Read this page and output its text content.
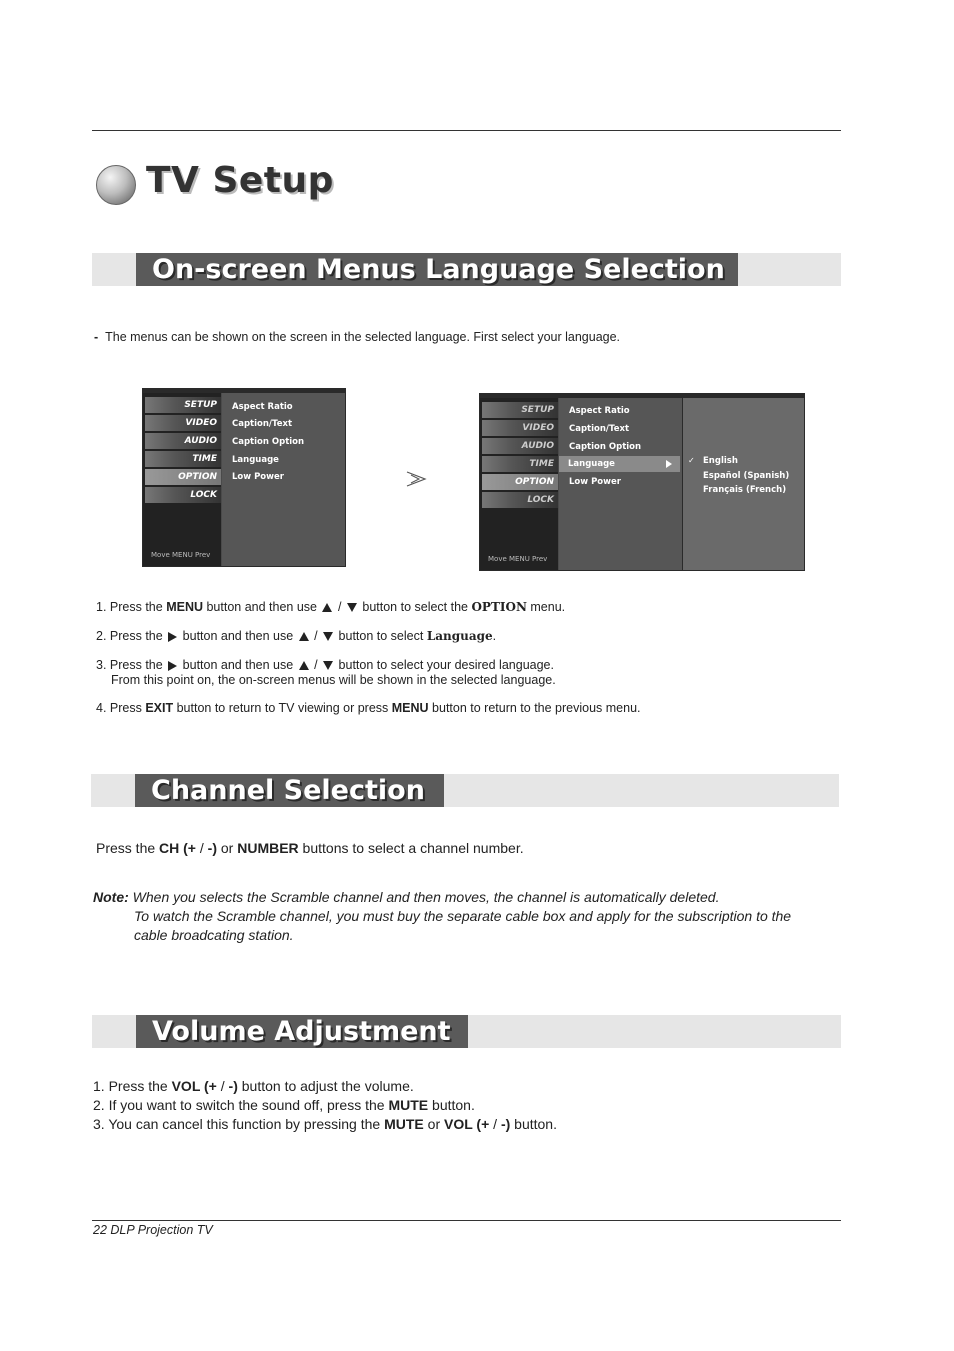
TV Setup
On-screen Menus Language Selection
- The menus can be shown on the screen in the selected language. First select your language.
SETUP
VIDEO
AUDIO
TIME
OPTION
LOCK
Move MENU Prev
Aspect Ratio
Caption/Text
Caption Option
Language
Low Power
SETUP
VIDEO
AUDIO
TIME
OPTION
LOCK
Move MENU Prev
Aspect Ratio
Caption/Text
Caption Option
Language
Low Power
✓ English
Español (Spanish)
Français (French)
1. Press the MENU button and then use  /  button to select the OPTION menu.
2. Press the  button and then use  /  button to select Language.
3. Press the  button and then use  /  button to select your desired language.
From this point on, the on-screen menus will be shown in the selected language.
4. Press EXIT button to return to TV viewing or press MENU button to return to the previous menu.
Channel Selection
Press the CH (+ / -) or NUMBER buttons to select a channel number.
Note: When you selects the Scramble channel and then moves, the channel is automatically deleted.
To watch the Scramble channel, you must buy the separate cable box and apply for the subscription to the
cable broadcating station.
Volume Adjustment
1. Press the VOL (+ / -) button to adjust the volume.
2. If you want to switch the sound off, press the MUTE button.
3. You can cancel this function by pressing the MUTE or VOL (+ / -) button.
22 DLP Projection TV
